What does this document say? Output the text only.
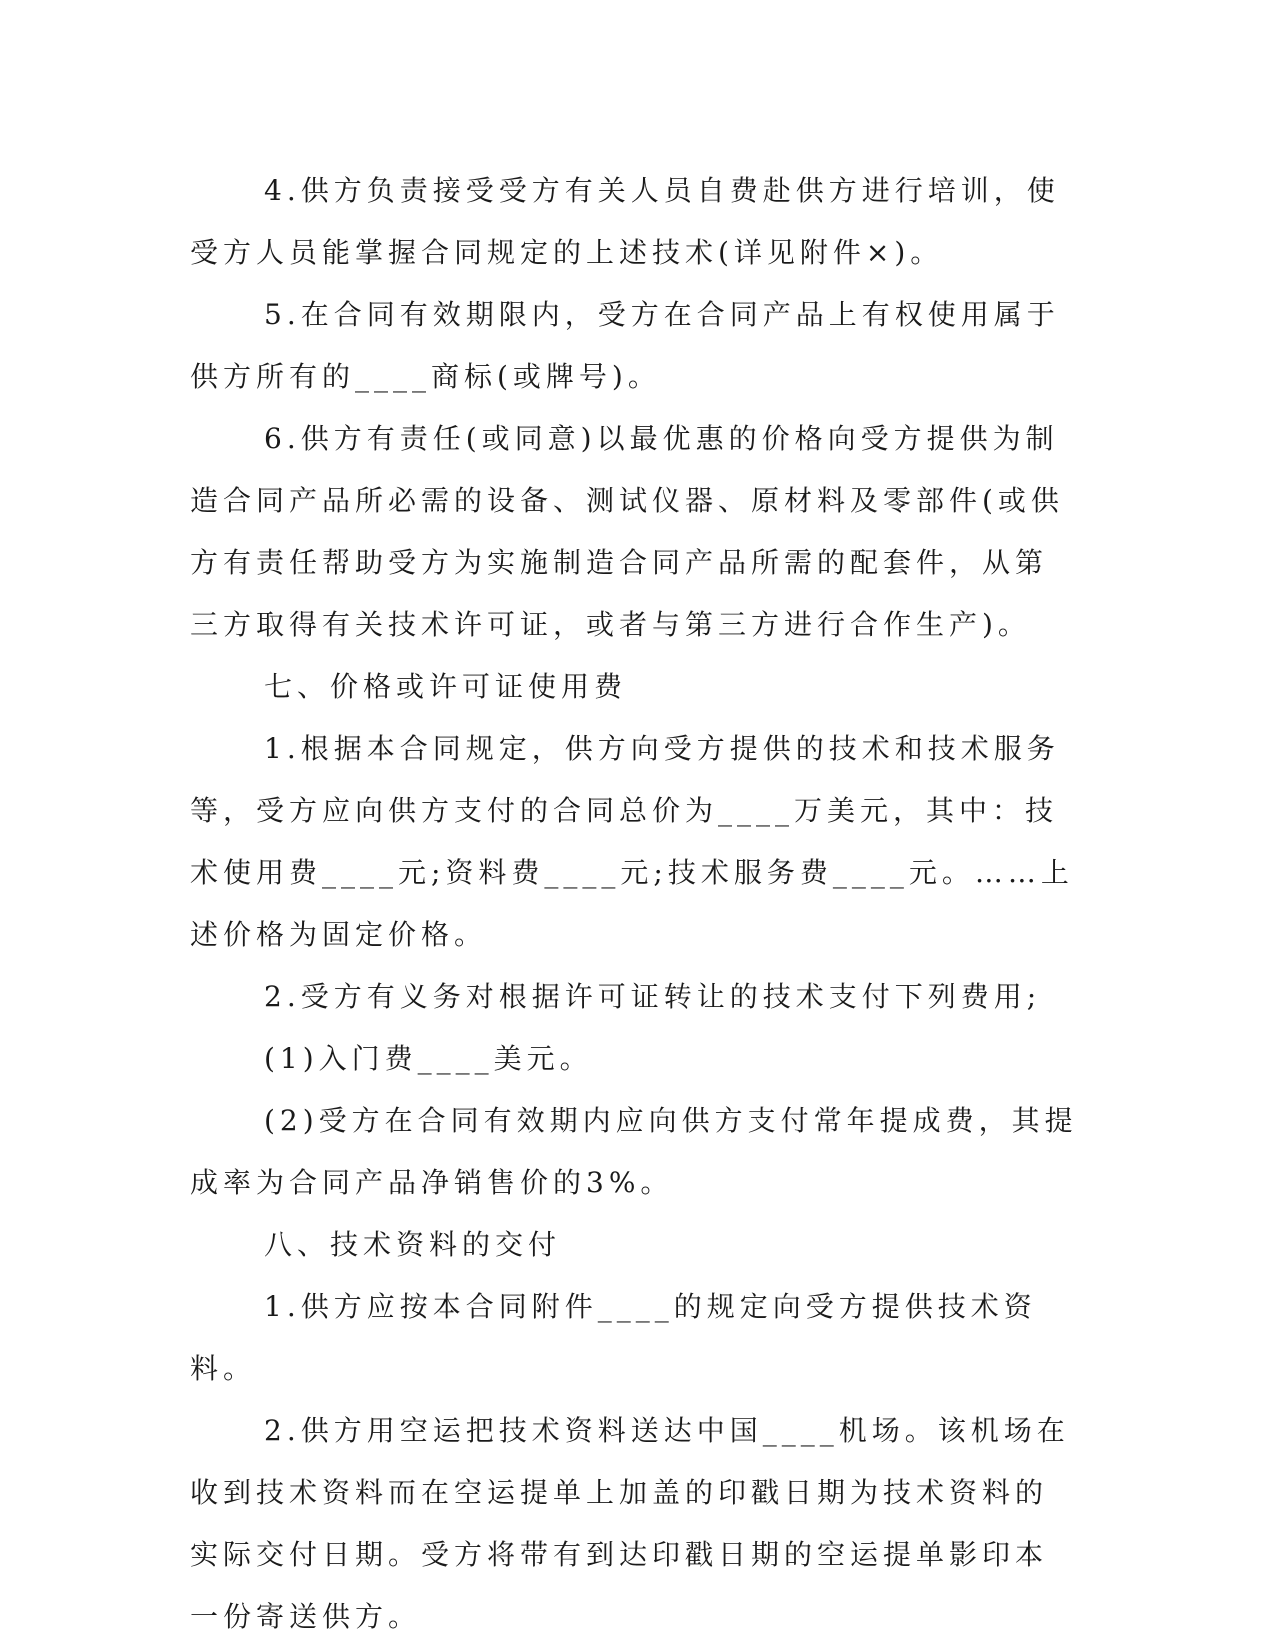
4.供方负责接受受方有关人员自费赴供方进行培训，使受方人员能掌握合同规定的上述技术(详见附件×)。

5.在合同有效期限内，受方在合同产品上有权使用属于供方所有的____商标(或牌号)。

6.供方有责任(或同意)以最优惠的价格向受方提供为制造合同产品所必需的设备、测试仪器、原材料及零部件(或供方有责任帮助受方为实施制造合同产品所需的配套件，从第三方取得有关技术许可证，或者与第三方进行合作生产)。

七、价格或许可证使用费

1.根据本合同规定，供方向受方提供的技术和技术服务等，受方应向供方支付的合同总价为____万美元，其中：技术使用费____元;资料费____元;技术服务费____元。……上述价格为固定价格。

2.受方有义务对根据许可证转让的技术支付下列费用;

(1)入门费____美元。

(2)受方在合同有效期内应向供方支付常年提成费，其提成率为合同产品净销售价的3%。

八、技术资料的交付

1.供方应按本合同附件____的规定向受方提供技术资料。

2.供方用空运把技术资料送达中国____机场。该机场在收到技术资料而在空运提单上加盖的印戳日期为技术资料的实际交付日期。受方将带有到达印戳日期的空运提单影印本一份寄送供方。
